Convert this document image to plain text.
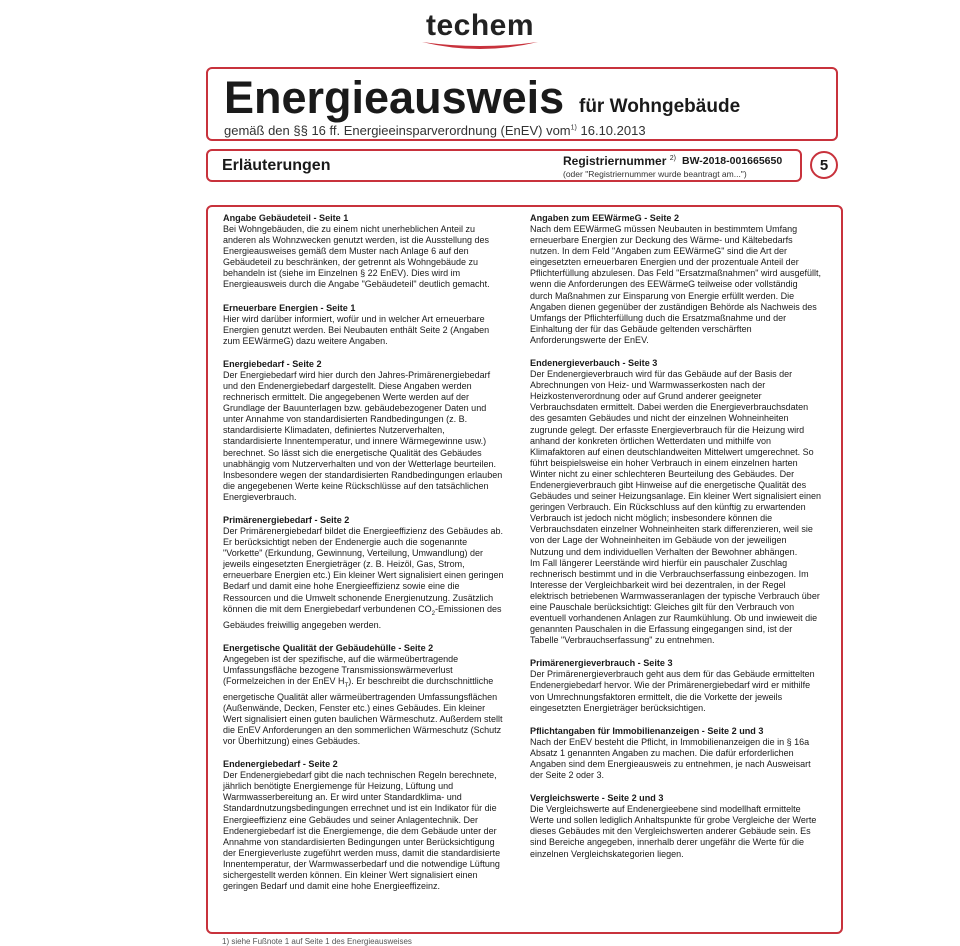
techem
Energieausweis für Wohngebäude
gemäß den §§ 16 ff. Energieeinsparverordnung (EnEV) vom$^{1)}$ 16.10.2013
Erläuterungen	Registriernummer $^{2)}$ BW-2018-001665650
(oder "Registriernummer wurde beantragt am...")	5
Angabe Gebäudeteil - Seite 1
Bei Wohngebäuden, die zu einem nicht unerheblichen Anteil zu anderen als Wohnzwecken genutzt werden, ist die Ausstellung des Energieausweises gemäß dem Muster nach Anlage 6 auf den Gebäudeteil zu beschränken, der getrennt als Wohngebäude zu behandeln ist (siehe im Einzelnen § 22 EnEV). Dies wird im Energieausweis durch die Angabe "Gebäudeteil" deutlich gemacht.
Erneuerbare Energien - Seite 1
Hier wird darüber informiert, wofür und in welcher Art erneuerbare Energien genutzt werden. Bei Neubauten enthält Seite 2 (Angaben zum EEWärmeG) dazu weitere Angaben.
Energiebedarf - Seite 2
Der Energiebedarf wird hier durch den Jahres-Primärenergiebedarf und den Endenergiebedarf dargestellt. Diese Angaben werden rechnerisch ermittelt. Die angegebenen Werte werden auf der Grundlage der Bauunterlagen bzw. gebäudebezogener Daten und unter Annahme von standardisierten Randbedingungen (z. B. standardisierte Klimadaten, definiertes Nutzerverhalten, standardisierte Innentemperatur, und innere Wärmegewinne usw.) berechnet. So lässt sich die energetische Qualität des Gebäudes unabhängig vom Nutzerverhalten und von der Wetterlage beurteilen. Insbesondere wegen der standardisierten Randbedingungen erlauben die angegebenen Werte keine Rückschlüsse auf den tatsächlichen Energieverbrauch.
Primärenergiebedarf - Seite 2
Der Primärenergiebedarf bildet die Energieeffizienz des Gebäudes ab. Er berücksichtigt neben der Endenergie auch die sogenannte "Vorkette" (Erkundung, Gewinnung, Verteilung, Umwandlung) der jeweils eingesetzten Energieträger (z. B. Heizöl, Gas, Strom, erneuerbare Energien etc.) Ein kleiner Wert signalisiert einen geringen Bedarf und damit eine hohe Energieeffizienz sowie eine die Ressourcen und die Umwelt schonende Energienutzung. Zusätzlich können die mit dem Energiebedarf verbundenen $CO_2$-Emissionen des Gebäudes freiwillig angegeben werden.
Energetische Qualität der Gebäudehülle - Seite 2
Angegeben ist der spezifische, auf die wärmeübertragende Umfassungsfläche bezogene Transmissionswärmeverlust (Formelzeichen in der EnEV $H_T$). Er beschreibt die durchschnittliche energetische Qualität aller wärmeübertragenden Umfassungsflächen (Außenwände, Decken, Fenster etc.) eines Gebäudes. Ein kleiner Wert signalisiert einen guten baulichen Wärmeschutz. Außerdem stellt die EnEV Anforderungen an den sommerlichen Wärmeschutz (Schutz vor Überhitzung) eines Gebäudes.
Endenergiebedarf - Seite 2
Der Endenergiebedarf gibt die nach technischen Regeln berechnete, jährlich benötigte Energiemenge für Heizung, Lüftung und Warmwasserbereitung an. Er wird unter Standardklima- und Standardnutzungsbedingungen errechnet und ist ein Indikator für die Energieeffizienz eine Gebäudes und seiner Anlagentechnik. Der Endenergiebedarf ist die Energiemenge, die dem Gebäude unter der Annahme von standardisierten Bedingungen unter Berücksichtigung der Energieverluste zugeführt werden muss, damit die standardisierte Innentemperatur, der Warmwasserbedarf und die notwendige Lüftung sichergestellt werden können. Ein kleiner Wert signalisiert einen geringen Bedarf und damit eine hohe Energieeffizeinz.
Angaben zum EEWärmeG - Seite 2
Nach dem EEWärmeG müssen Neubauten in bestimmtem Umfang erneuerbare Energien zur Deckung des Wärme- und Kältebedarfs nutzen. In dem Feld "Angaben zum EEWärmeG" sind die Art der eingesetzten erneuerbaren Energien und der prozentuale Anteil der Pflichterfüllung abzulesen. Das Feld "Ersatzmaßnahmen" wird ausgefüllt, wenn die Anforderungen des EEWärmeG teilweise oder vollständig durch Maßnahmen zur Einsparung von Energie erfüllt werden. Die Angaben dienen gegenüber der zuständigen Behörde als Nachweis des Umfangs der Pflichterfüllung duch die Ersatzmaßnahme und der Einhaltung der für das Gebäude geltenden verschärften Anforderungswerte der EnEV.
Endenergieverbauch - Seite 3
Der Endenergieverbrauch wird für das Gebäude auf der Basis der Abrechnungen von Heiz- und Warmwasserkosten nach der Heizkostenverordnung oder auf Grund anderer geeigneter Verbrauchsdaten ermittelt. Dabei werden die Energieverbrauchsdaten des gesamten Gebäudes und nicht der einzelnen Wohneinheiten zugrunde gelegt. Der erfasste Energieverbrauch für die Heizung wird anhand der konkreten örtlichen Wetterdaten und mithilfe von Klimafaktoren auf einen deutschlandweiten Mittelwert umgerechnet. So führt beispielsweise ein hoher Verbrauch in einem einzelnen harten Winter nicht zu einer schlechteren Beurteilung des Gebäudes. Der Endenergieverbrauch gibt Hinweise auf die energetische Qualität des Gebäudes und seiner Heizungsanlage. Ein kleiner Wert signalisiert einen geringen Verbrauch. Ein Rückschluss auf den künftig zu erwartenden Verbrauch ist jedoch nicht möglich; insbesondere können die Verbrauchsdaten einzelner Wohneinheiten stark differenzieren, weil sie von der Lage der Wohneinheiten im Gebäude von der jeweiligen Nutzung und dem individuellen Verhalten der Bewohner abhängen.
Im Fall längerer Leerstände wird hierfür ein pauschaler Zuschlag rechnerisch bestimmt und in die Verbrauchserfassung einbezogen. Im Interesse der Vergleichbarkeit wird bei dezentralen, in der Regel elektrisch betriebenen Warmwasseranlagen der typische Verbrauch über eine Pauschale berücksichtigt: Gleiches gilt für den Verbrauch von eventuell vorhandenen Anlagen zur Raumkühlung. Ob und inwieweit die genannten Pauschalen in die Erfassung eingegangen sind, ist der Tabelle "Verbrauchserfassung" zu entnehmen.
Primärenergieverbrauch - Seite 3
Der Primärenergieverbrauch geht aus dem für das Gebäude ermittelten Endenergiebedarf hervor. Wie der Primärenergiebedarf wird er mithilfe von Umrechnungsfaktoren ermittelt, die die Vorkette der jeweils eingesetzten Energieträger berücksichtigen.
Pflichtangaben für Immobilienanzeigen - Seite 2 und 3
Nach der EnEV besteht die Pflicht, in Immobilienanzeigen die in § 16a Absatz 1 genannten Angaben zu machen. Die dafür erforderlichen Angaben sind dem Energieausweis zu entnehmen, je nach Ausweisart der Seite 2 oder 3.
Vergleichswerte - Seite 2 und 3
Die Vergleichswerte auf Endenergieebene sind modellhaft ermittelte Werte und sollen lediglich Anhaltspunkte für grobe Vergleiche der Werte dieses Gebäudes mit den Vergleichswerten anderer Gebäude sein. Es sind Bereiche angegeben, innerhalb derer ungefähr die Werte für die einzelnen Vergleichskategorien liegen.
1) siehe Fußnote 1 auf Seite 1 des Energieausweises
